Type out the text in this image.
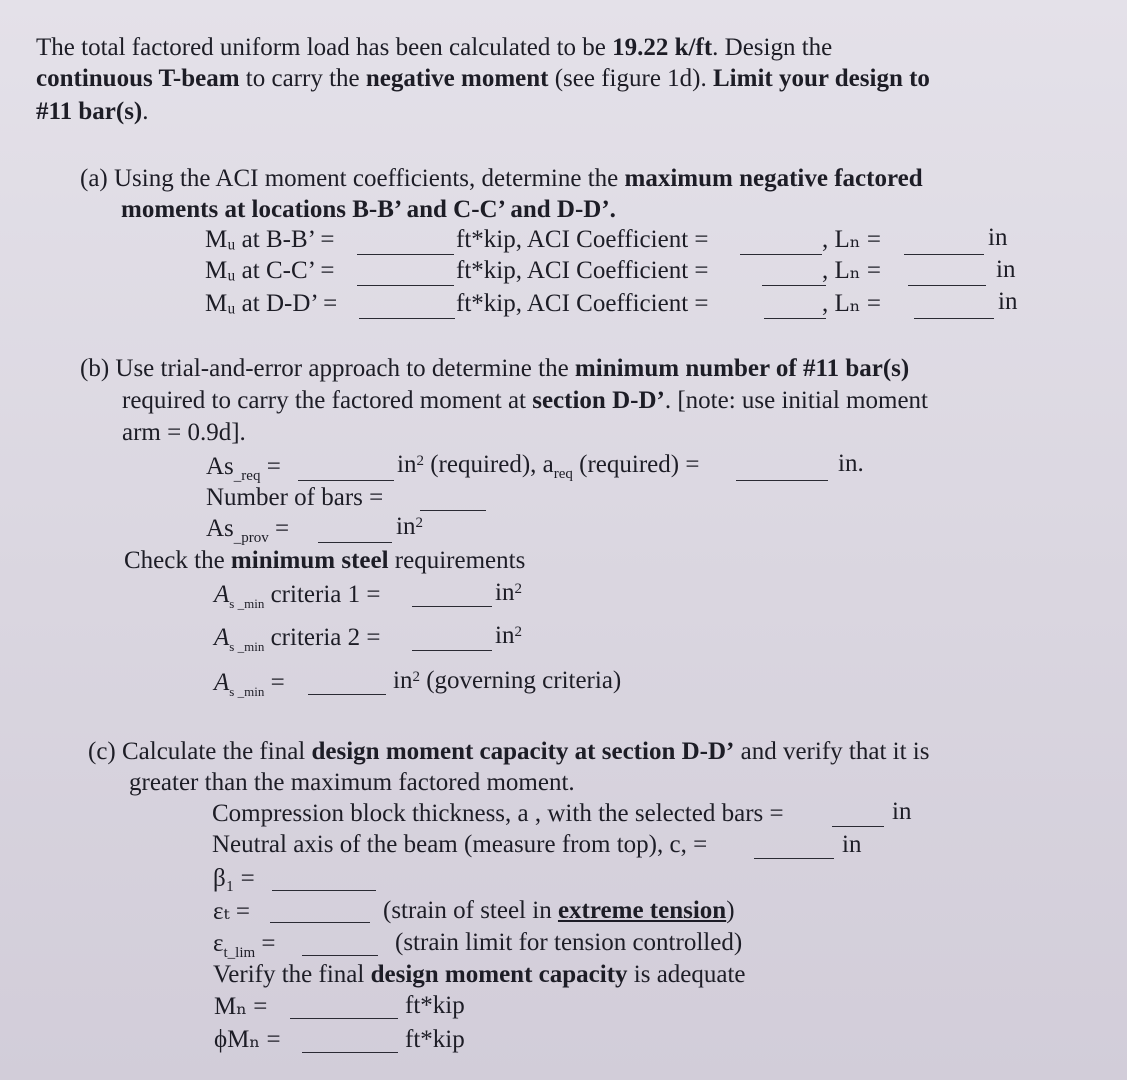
The total factored uniform load has been calculated to be 19.22 k/ft. Design the
continuous T-beam to carry the negative moment (see figure 1d). Limit your design to
#11 bar(s).
(a) Using the ACI moment coefficients, determine the maximum negative factored
moments at locations B-B’ and C-C’ and D-D’.
Mᵤ at B-B’ =	ft*kip, ACI Coefficient =	, Lₙ =	in
Mᵤ at C-C’ =	ft*kip, ACI Coefficient =	, Lₙ =	in
Mᵤ at D-D’ =	ft*kip, ACI Coefficient =	, Lₙ =	in
(b) Use trial-and-error approach to determine the minimum number of #11 bar(s)
required to carry the factored moment at section D-D’. [note: use initial moment
arm = 0.9d].
$As_{\_req}$ =	$in^2$ (required), $a_{req}$ (required) =	in.
Number of bars =
$As_{\_prov}$ =	$in^2$
Check the minimum steel requirements
$A_{s \_min}$ criteria 1 =	$in^2$
$A_{s \_min}$ criteria 2 =	$in^2$
$A_{s \_min}$ =	$in^2$ (governing criteria)
(c) Calculate the final design moment capacity at section D-D’ and verify that it is
greater than the maximum factored moment.
Compression block thickness, a , with the selected bars =	in
Neutral axis of the beam (measure from top), c, =	in
β₁ =
εₜ =	(strain of steel in extreme tension)
$\varepsilon_{t\_lim}$ =	(strain limit for tension controlled)
Verify the final design moment capacity is adequate
Mₙ =	ft*kip
ϕMₙ =	ft*kip
